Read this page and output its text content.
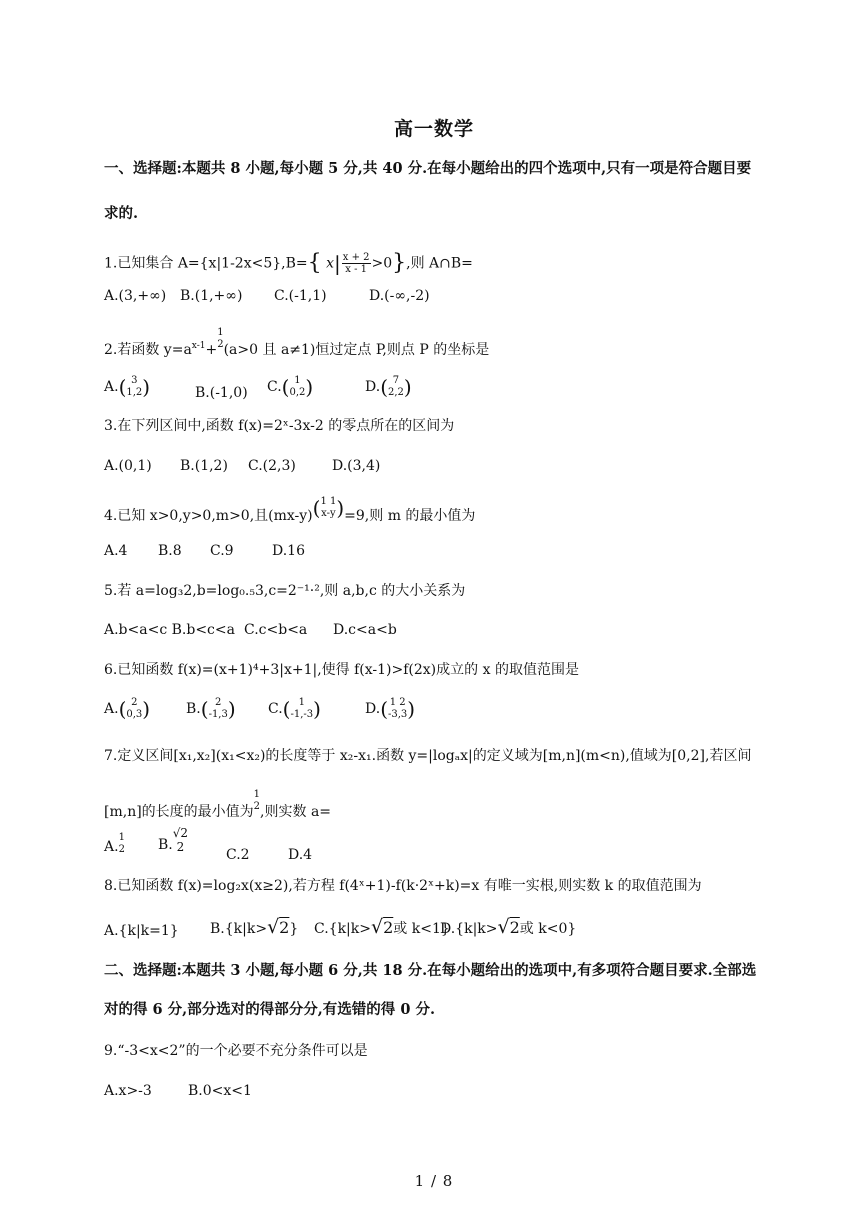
高一数学
一、选择题:本题共 8 小题,每小题 5 分,共 40 分.在每小题给出的四个选项中,只有一项是符合题目要
求的.
1.已知集合 A={x|1-2x<5},B={ $x| \frac{x + 2}{x - 1} >0$},则 A∩B=
A.(3,+∞) B.(1,+∞) C.(-1,1)	D.(-∞,-2)
2.若函数 $y=a^{x-1}+$
1
2 (a>0 且 a≠1)恒过定点 P,则点 P 的坐标是
A.( 3
1,2 )	B.(-1,0) C.( 1
0,2 )	D.( 7
2,2 )
3.在下列区间中,函数 f(x)=2ˣ-3x-2 的零点所在的区间为
A.(0,1) B.(1,2) C.(2,3)	D.(3,4)
4.已知 x>0,y>0,m>0,且(mx-y)( 1 1
x-y )=9,则 m 的最小值为
A.4 B.8 C.9	D.16
5.若 a=log₃2,b=log₀.₅3,c=2⁻¹·²,则 a,b,c 的大小关系为
A.b<a<c B.b<c<a C.c<b<a D.c<a<b
6.已知函数 f(x)=(x+1)⁴+3|x+1|,使得 f(x-1)>f(2x)成立的 x 的取值范围是
A.( 2
0,3 )	B.( 2
-1,3 ) C.( 1
-1,-3 )	D.( 1 2
-3,3 )
7.定义区间[x₁,x₂](x₁<x₂)的长度等于 x₂-x₁.函数 y=|logₐx|的定义域为[m,n](m<n),值域为[0,2],若区间
[m,n]的长度的最小值为
1
2 ,则实数 a=
A.
1
2 B.
√2
2	C.2	D.4
8.已知函数 f(x)=log₂x(x≥2),若方程 f(4ˣ+1)-f(k·2ˣ+k)=x 有唯一实根,则实数 k 的取值范围为
A.{k|k=1} B.{k|k>√2} C.{k|k>√2或 k<1}
D.{k|k>√2或 k<0}
二、选择题:本题共 3 小题,每小题 6 分,共 18 分.在每小题给出的选项中,有多项符合题目要求.全部选
对的得 6 分,部分选对的得部分分,有选错的得 0 分.
9.“-3<x<2”的一个必要不充分条件可以是
A.x>-3	B.0<x<1
1 / 8
